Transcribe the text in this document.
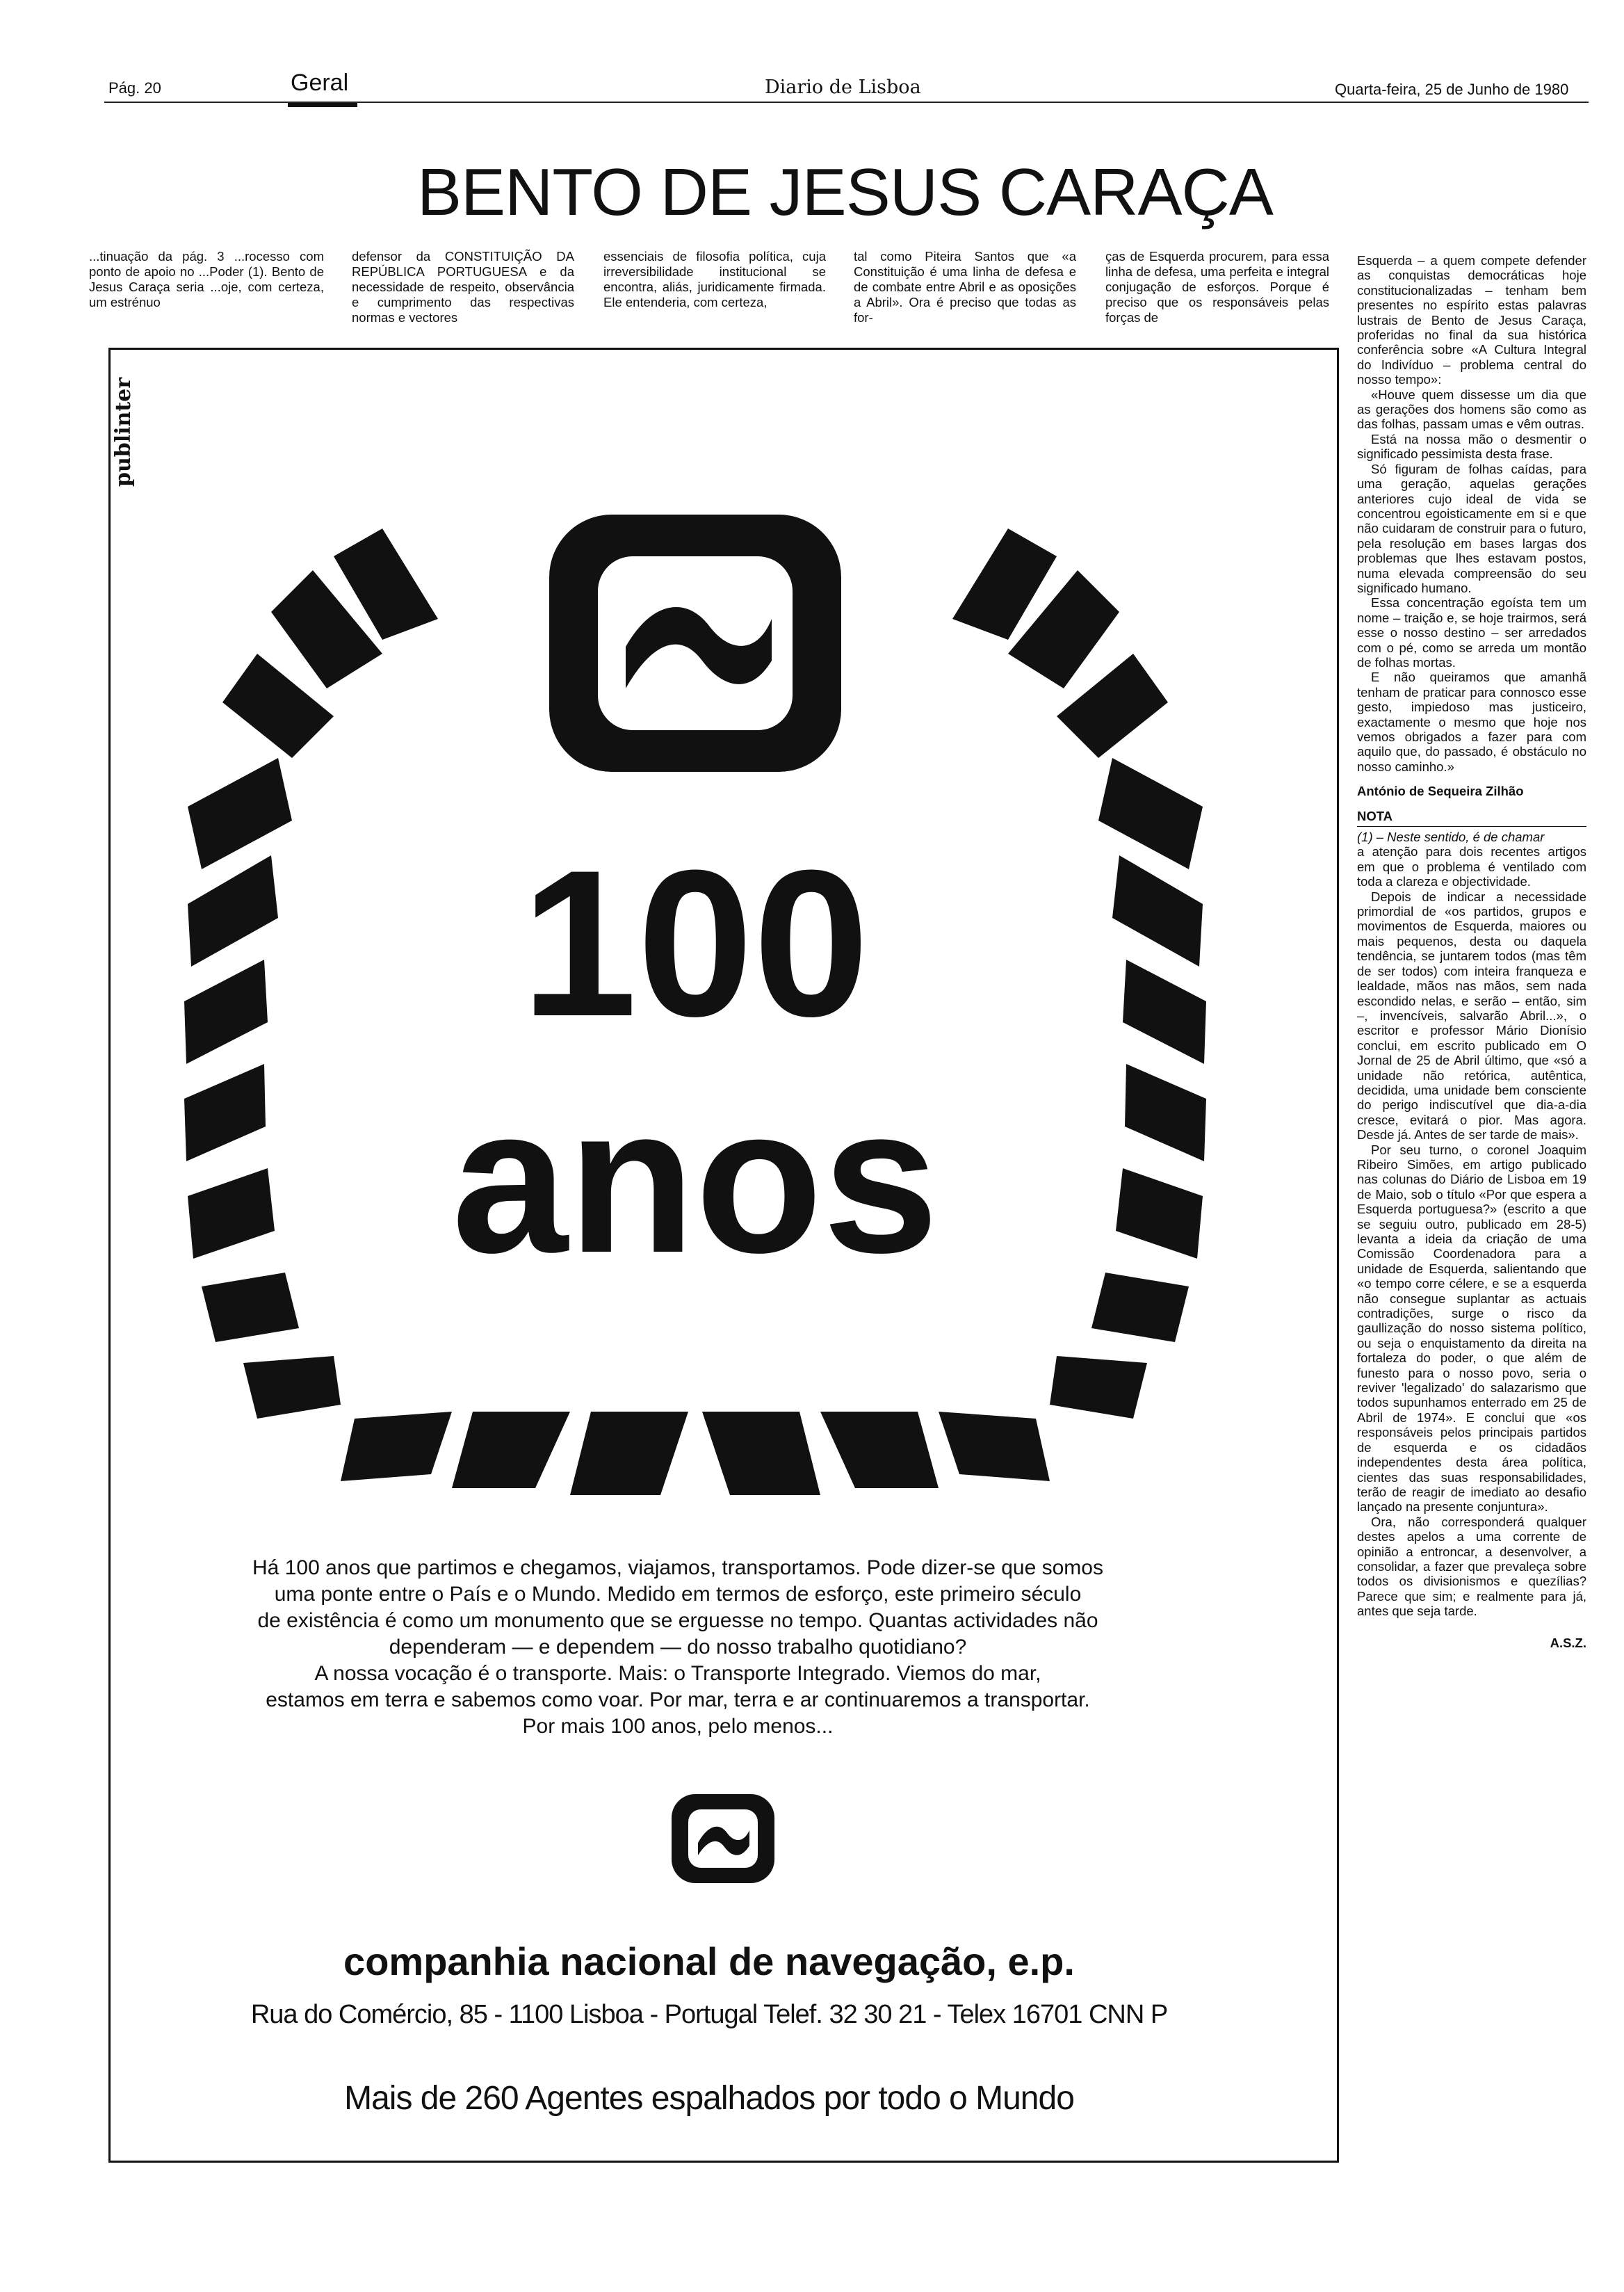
Pág. 20	Geral	Diario de Lisboa	Quarta-feira, 25 de Junho de 1980
BENTO DE JESUS CARAÇA
...tinuação da pág. 3 ...rocesso com ponto de apoio no ...Poder (1). Bento de Jesus Caraça seria ...oje, com certeza, um estrénuo
defensor da CONSTITUIÇÃO DA REPÚBLICA PORTUGUESA e da necessidade de respeito, observância e cumprimento das respectivas normas e vectores
essenciais de filosofia política, cuja irreversibilidade institucional se encontra, aliás, juridicamente firmada. Ele entenderia, com certeza,
tal como Piteira Santos que «a Constituição é uma linha de defesa e de combate entre Abril e as oposições a Abril». Ora é preciso que todas as for-
ças de Esquerda procurem, para essa linha de defesa, uma perfeita e integral conjugação de esforços. Porque é preciso que os responsáveis pelas forças de

Esquerda – a quem compete defender as conquistas democráticas hoje constitucionalizadas – tenham bem presentes no espírito estas palavras lustrais de Bento de Jesus Caraça, proferidas no final da sua histórica conferência sobre «A Cultura Integral do Indivíduo – problema central do nosso tempo»:

«Houve quem dissesse um dia que as gerações dos homens são como as das folhas, passam umas e vêm outras.

Está na nossa mão o desmentir o significado pessimista desta frase.

Só figuram de folhas caídas, para uma geração, aquelas gerações anteriores cujo ideal de vida se concentrou egoisticamente em si e que não cuidaram de construir para o futuro, pela resolução em bases largas dos problemas que lhes estavam postos, numa elevada compreensão do seu significado humano.

Essa concentração egoísta tem um nome – traição e, se hoje trairmos, será esse o nosso destino – ser arredados com o pé, como se arreda um montão de folhas mortas.

E não queiramos que amanhã tenham de praticar para connosco esse gesto, impiedoso mas justiceiro, exactamente o mesmo que hoje nos vemos obrigados a fazer para com aquilo que, do passado, é obstáculo no nosso caminho.»

António de Sequeira Zilhão

NOTA

(1) – Neste sentido, é de chamar

a atenção para dois recentes artigos em que o problema é ventilado com toda a clareza e objectividade.

Depois de indicar a necessidade primordial de «os partidos, grupos e movimentos de Esquerda, maiores ou mais pequenos, desta ou daquela tendência, se juntarem todos (mas têm de ser todos) com inteira franqueza e lealdade, mãos nas mãos, sem nada escondido nelas, e serão – então, sim –, invencíveis, salvarão Abril...», o escritor e professor Mário Dionísio conclui, em escrito publicado em O Jornal de 25 de Abril último, que «só a unidade não retórica, autêntica, decidida, uma unidade bem consciente do perigo indiscutível que dia-a-dia cresce, evitará o pior. Mas agora. Desde já. Antes de ser tarde de mais».

Por seu turno, o coronel Joaquim Ribeiro Simões, em artigo publicado nas colunas do Diário de Lisboa em 19 de Maio, sob o título «Por que espera a Esquerda portuguesa?» (escrito a que se seguiu outro, publicado em 28-5) levanta a ideia da criação de uma Comissão Coordenadora para a unidade de Esquerda, salientando que «o tempo corre célere, e se a esquerda não consegue suplantar as actuais contradições, surge o risco da gaullização do nosso sistema político, ou seja o enquistamento da direita na fortaleza do poder, o que além de funesto para o nosso povo, seria o reviver 'legalizado' do salazarismo que todos supunhamos enterrado em 25 de Abril de 1974». E conclui que «os responsáveis pelos principais partidos de esquerda e os cidadãos independentes desta área política, cientes das suas responsabilidades, terão de reagir de imediato ao desafio lançado na presente conjuntura».

Ora, não corresponderá qualquer destes apelos a uma corrente de opinião a entroncar, a desenvolver, a consolidar, a fazer que prevaleça sobre todos os divisionismos e quezílias? Parece que sim; e realmente para já, antes que seja tarde.

A.S.Z.

publinter
100
anos
Há 100 anos que partimos e chegamos, viajamos, transportamos. Pode dizer-se que somos
uma ponte entre o País e o Mundo. Medido em termos de esforço, este primeiro século
de existência é como um monumento que se erguesse no tempo. Quantas actividades não
dependeram — e dependem — do nosso trabalho quotidiano?
A nossa vocação é o transporte. Mais: o Transporte Integrado. Viemos do mar,
estamos em terra e sabemos como voar. Por mar, terra e ar continuaremos a transportar.
Por mais 100 anos, pelo menos...
companhia nacional de navegação, e.p.
Rua do Comércio, 85 - 1100 Lisboa - Portugal Telef. 32 30 21 - Telex 16701 CNN P
Mais de 260 Agentes espalhados por todo o Mundo
